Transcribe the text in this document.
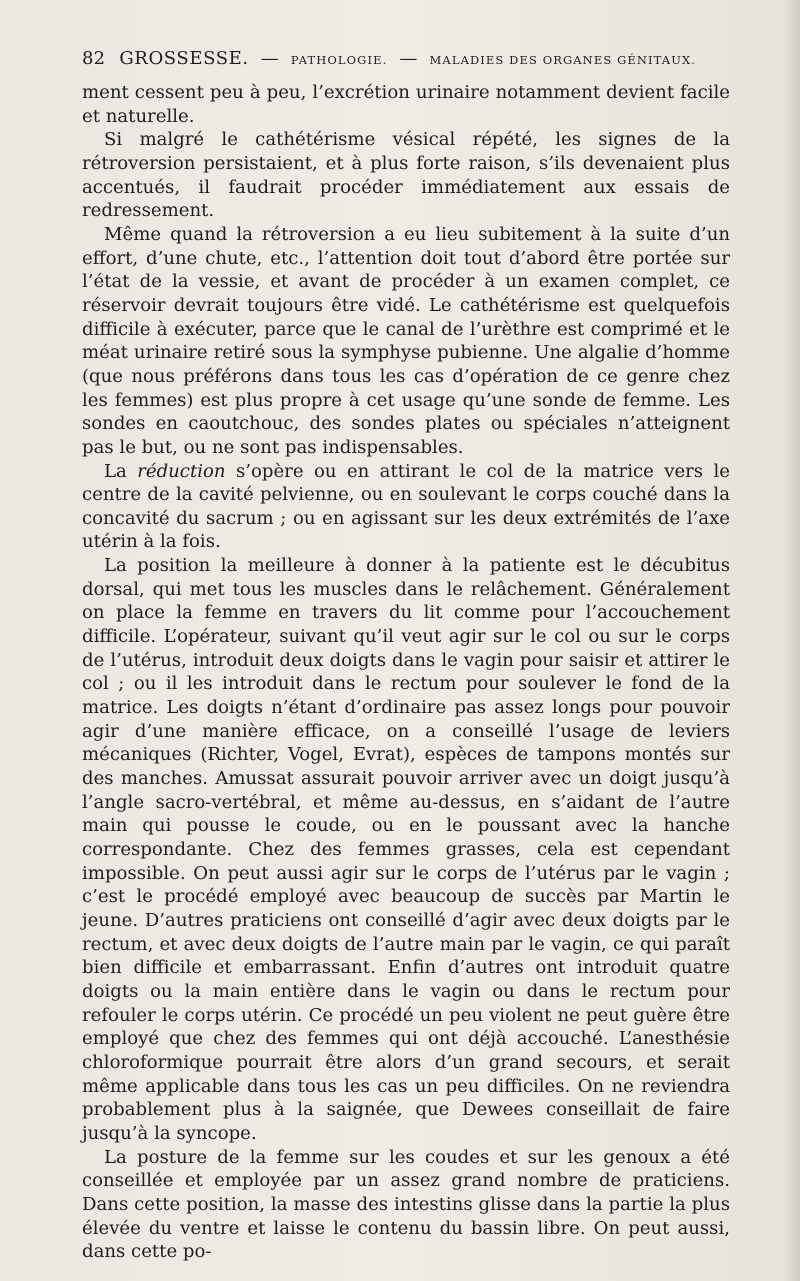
82 GROSSESSE. — PATHOLOGIE. — MALADIES DES ORGANES GÉNITAUX.

ment cessent peu à peu, l’excrétion urinaire notamment devient facile et naturelle.

Si malgré le cathétérisme vésical répété, les signes de la rétroversion persistaient, et à plus forte raison, s’ils devenaient plus accentués, il faudrait procéder immédiatement aux essais de redressement.

Même quand la rétroversion a eu lieu subitement à la suite d’un effort, d’une chute, etc., l’attention doit tout d’abord être portée sur l’état de la vessie, et avant de procéder à un examen complet, ce réservoir devrait toujours être vidé. Le cathétérisme est quelquefois difficile à exécuter, parce que le canal de l’urèthre est comprimé et le méat urinaire retiré sous la symphyse pubienne. Une algalie d’homme (que nous préférons dans tous les cas d’opération de ce genre chez les femmes) est plus propre à cet usage qu’une sonde de femme. Les sondes en caoutchouc, des sondes plates ou spéciales n’atteignent pas le but, ou ne sont pas indispensables.

La réduction s’opère ou en attirant le col de la matrice vers le centre de la cavité pelvienne, ou en soulevant le corps couché dans la concavité du sacrum ; ou en agissant sur les deux extrémités de l’axe utérin à la fois.

La position la meilleure à donner à la patiente est le décubitus dorsal, qui met tous les muscles dans le relâchement. Généralement on place la femme en travers du lit comme pour l’accouchement difficile. L’opérateur, suivant qu’il veut agir sur le col ou sur le corps de l’utérus, introduit deux doigts dans le vagin pour saisir et attirer le col ; ou il les introduit dans le rectum pour soulever le fond de la matrice. Les doigts n’étant d’ordinaire pas assez longs pour pouvoir agir d’une manière efficace, on a conseillé l’usage de leviers mécaniques (Richter, Vogel, Evrat), espèces de tampons montés sur des manches. Amussat assurait pouvoir arriver avec un doigt jusqu’à l’angle sacro-vertébral, et même au-dessus, en s’aidant de l’autre main qui pousse le coude, ou en le poussant avec la hanche correspondante. Chez des femmes grasses, cela est cependant impossible. On peut aussi agir sur le corps de l’utérus par le vagin ; c’est le procédé employé avec beaucoup de succès par Martin le jeune. D’autres praticiens ont conseillé d’agir avec deux doigts par le rectum, et avec deux doigts de l’autre main par le vagin, ce qui paraît bien difficile et embarrassant. Enfin d’autres ont introduit quatre doigts ou la main entière dans le vagin ou dans le rectum pour refouler le corps utérin. Ce procédé un peu violent ne peut guère être employé que chez des femmes qui ont déjà accouché. L’anesthésie chloroformique pourrait être alors d’un grand secours, et serait même applicable dans tous les cas un peu difficiles. On ne reviendra probablement plus à la saignée, que Dewees conseillait de faire jusqu’à la syncope.

La posture de la femme sur les coudes et sur les genoux a été conseillée et employée par un assez grand nombre de praticiens. Dans cette position, la masse des intestins glisse dans la partie la plus élevée du ventre et laisse le contenu du bassin libre. On peut aussi, dans cette po-
